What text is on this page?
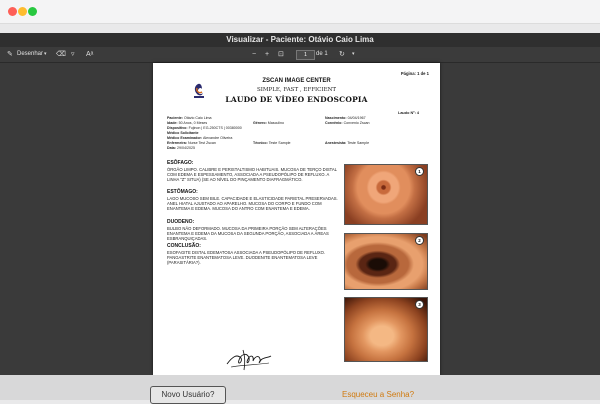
Visualizar - Paciente: Otávio Caio Lima
✎ Desenhar ▾ ⌫ ▿ Aᵃ	− + ⊡	1	de 1 ↻ ▾
Página: 1 de 1
ZSCAN IMAGE CENTER
SIMPLE, FAST , EFFICIENT
LAUDO DE VÍDEO ENDOSCOPIA
Laudo Nº: 4
Paciente: Otávio Caio Lima
Idade: 50 Anos, 0 Meses	Gênero: Masculino
Dispositivo: Fujinon | EG-250CTS | 00380000
Médico Solicitante
Médico Examinador: Alexandre Oliveira
Enfermeira: Nurse Test Zscan	Técnico: Teste Sample
Data: 29/04/2025
Nascimento: 04/04/1967
Convênio: Convenio Zscan
Anestesista: Teste Sample
ESÔFAGO:
ÓRGÃO LIMPO. CALIBRE E PERISTALTISMO HABITUAIS. MUCOSA DE TERÇO DISTAL COM EDEMA E ESPESSAMENTO, ASSOCIADA A PSEUDOPÓLIPO DE REFLUXO. A LINHA "Z" SITUA) (SE AO NÍVEL DO PINÇAMENTO DIAFRAGMÁTICO.
ESTÔMAGO:
LAGO MUCOSO SEM BILE. CAPACIDADE E ELASTICIDADE PARIETAL PRESERVADAS. ANEL HIATAL AJUSTADO AO APARELHO. MUCOSA DO CORPO E FUNDO COM ENANTEMA E EDEMA. MUCOSA DO ANTRO COM ENANTEMA E EDEMA.
DUODENO:
BULBO NÃO DEFORMADO. MUCOSA DA PRIMEIRA PORÇÃO SEM ALTERAÇÕES ENANTEMA E EDEMA DA MUCOSA DA SEGUNDA PORÇÃO, ASSOCIADA A ÁREAS ESBRANQUIÇADAS.
CONCLUSÃO:
ESOFAGITE DISTAL EDEMATOSA ASSOCIADA A PSEUDOPÓLIPO DE REFLUXO. PANGASTRITE ENANTEMATOSA LEVE. DUODENITE ENANTEMATOSA LEVE (PARASITÁRIA?).
1
2
3
Novo Usuário?	Esqueceu a Senha?
